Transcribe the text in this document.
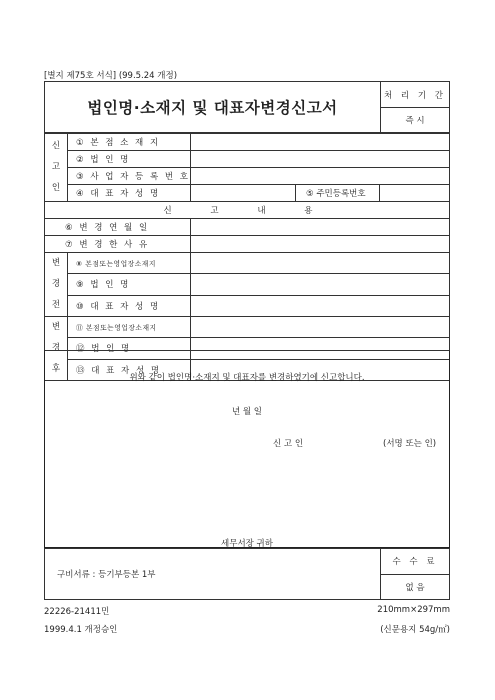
[별지 제75호 서식] (99.5.24 개정)
법인명·소재지 및 대표자변경신고서	처 리 기 간
즉 시
신
고
인	① 본 점 소 재 지			
	② 법 인 명			
	③ 사 업 자 등 록 번 호			
	④ 대 표 자 성 명		⑤ 주민등록번호	
신 고 내 용				
⑥ 변 경 연 월 일				
⑦ 변 경 한 사 유				
변
경
전	⑧ 본점또는영업장소재지			
	⑨ 법 인 명			
	⑩ 대 표 자 성 명			
변
경
후	⑪ 본점또는영업장소재지			
	⑫ 법 인 명			
	⑬ 대 표 자 성 명			
위와 같이 법인명·소재지 및 대표자를 변경하였기에 신고합니다.
년 월 일
신 고 인	(서명 또는 인)
세무서장 귀하
구비서류 : 등기부등본 1부	수 수 료
없 음
22226-21411민
1999.4.1 개정승인
210mm×297mm
(신문용지 54g/㎡)
